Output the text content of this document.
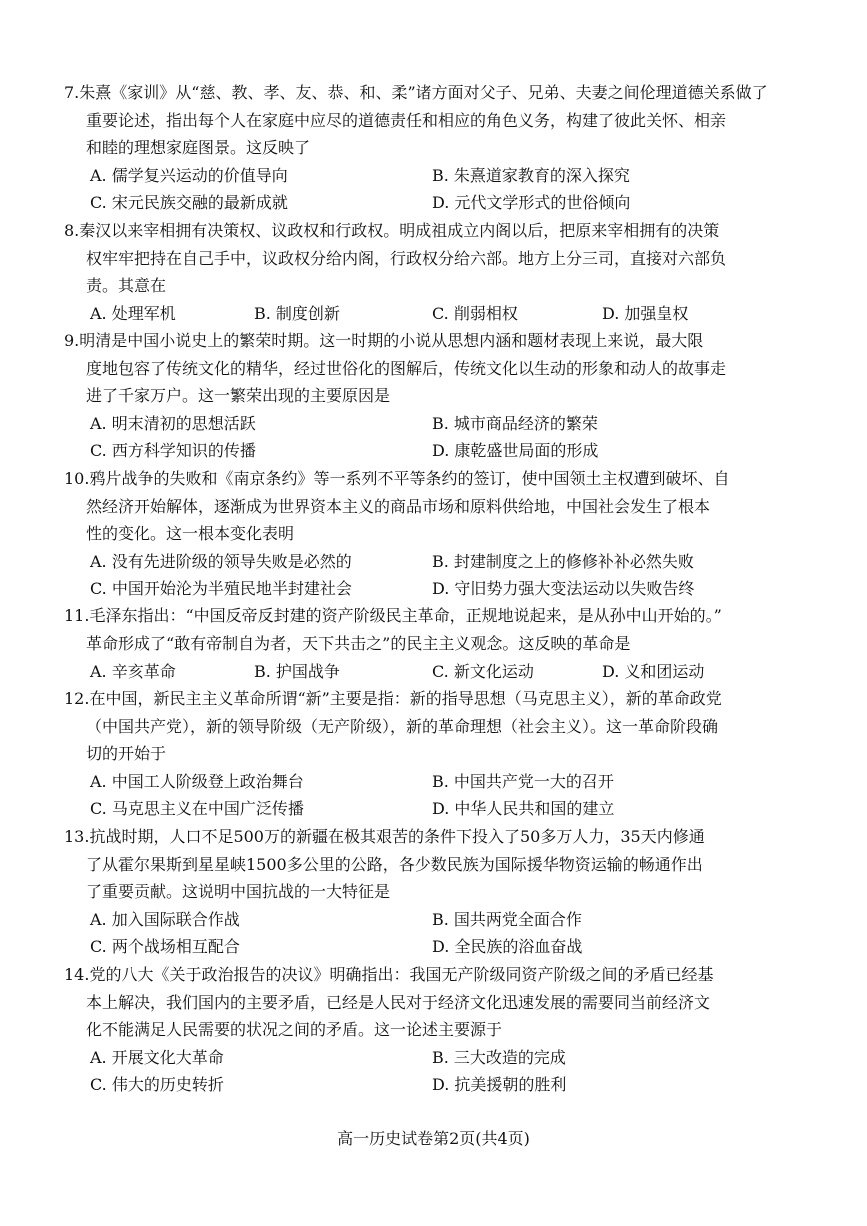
7.朱熹《家训》从“慈、教、孝、友、恭、和、柔”诸方面对父子、兄弟、夫妻之间伦理道德关系做了
重要论述，指出每个人在家庭中应尽的道德责任和相应的角色义务，构建了彼此关怀、相亲
和睦的理想家庭图景。这反映了
A. 儒学复兴运动的价值导向	B. 朱熹道家教育的深入探究
C. 宋元民族交融的最新成就	D. 元代文学形式的世俗倾向
8.秦汉以来宰相拥有决策权、议政权和行政权。明成祖成立内阁以后，把原来宰相拥有的决策
权牢牢把持在自己手中，议政权分给内阁，行政权分给六部。地方上分三司，直接对六部负
责。其意在
A. 处理军机	B. 制度创新	C. 削弱相权	D. 加强皇权
9.明清是中国小说史上的繁荣时期。这一时期的小说从思想内涵和题材表现上来说，最大限
度地包容了传统文化的精华，经过世俗化的图解后，传统文化以生动的形象和动人的故事走
进了千家万户。这一繁荣出现的主要原因是
A. 明末清初的思想活跃	B. 城市商品经济的繁荣
C. 西方科学知识的传播	D. 康乾盛世局面的形成
10.鸦片战争的失败和《南京条约》等一系列不平等条约的签订，使中国领土主权遭到破坏、自
然经济开始解体，逐渐成为世界资本主义的商品市场和原料供给地，中国社会发生了根本
性的变化。这一根本变化表明
A. 没有先进阶级的领导失败是必然的	B. 封建制度之上的修修补补必然失败
C. 中国开始沦为半殖民地半封建社会	D. 守旧势力强大变法运动以失败告终
11.毛泽东指出：“中国反帝反封建的资产阶级民主革命，正规地说起来，是从孙中山开始的。”
革命形成了“敢有帝制自为者，天下共击之”的民主主义观念。这反映的革命是
A. 辛亥革命	B. 护国战争	C. 新文化运动	D. 义和团运动
12.在中国，新民主主义革命所谓“新”主要是指：新的指导思想（马克思主义），新的革命政党
（中国共产党），新的领导阶级（无产阶级），新的革命理想（社会主义）。这一革命阶段确
切的开始于
A. 中国工人阶级登上政治舞台	B. 中国共产党一大的召开
C. 马克思主义在中国广泛传播	D. 中华人民共和国的建立
13.抗战时期，人口不足500万的新疆在极其艰苦的条件下投入了50多万人力，35天内修通
了从霍尔果斯到星星峡1500多公里的公路，各少数民族为国际援华物资运输的畅通作出
了重要贡献。这说明中国抗战的一大特征是
A. 加入国际联合作战	B. 国共两党全面合作
C. 两个战场相互配合	D. 全民族的浴血奋战
14.党的八大《关于政治报告的决议》明确指出：我国无产阶级同资产阶级之间的矛盾已经基
本上解决，我们国内的主要矛盾，已经是人民对于经济文化迅速发展的需要同当前经济文
化不能满足人民需要的状况之间的矛盾。这一论述主要源于
A. 开展文化大革命	B. 三大改造的完成
C. 伟大的历史转折	D. 抗美援朝的胜利
高一历史试卷第2页(共4页)
